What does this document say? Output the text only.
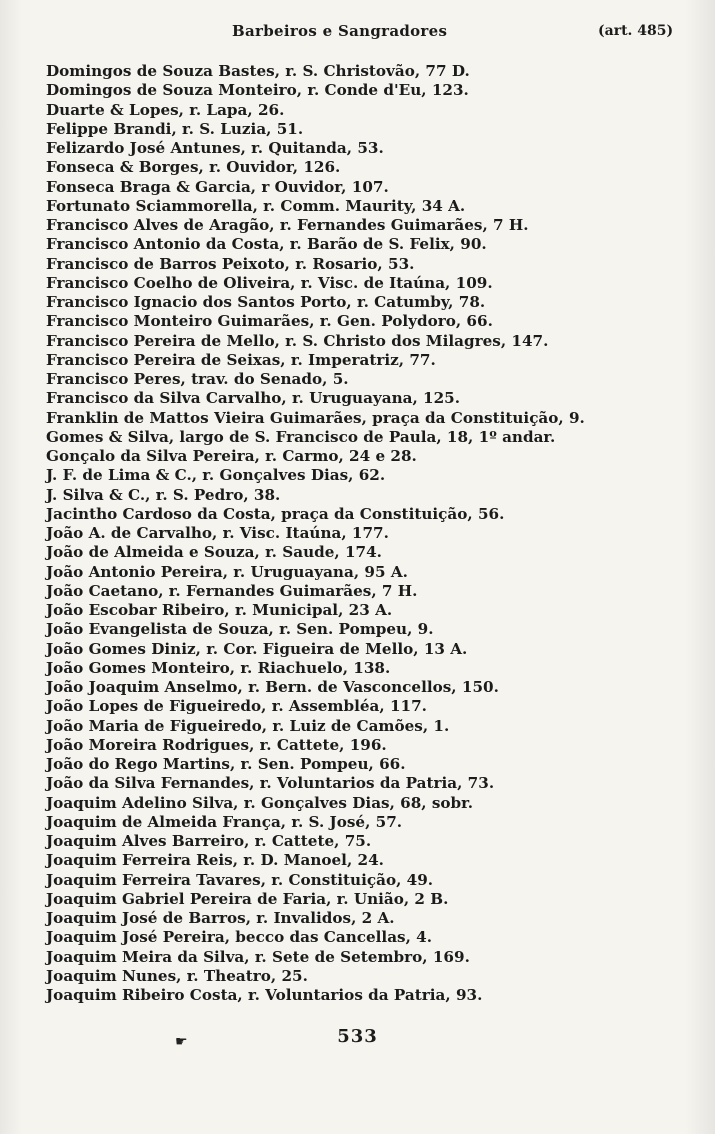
Barbeiros e Sangradores	(art. 485)
Domingos de Souza Bastes, r. S. Christovão, 77 D.
Domingos de Souza Monteiro, r. Conde d'Eu, 123.
Duarte & Lopes, r. Lapa, 26.
Felippe Brandi, r. S. Luzia, 51.
Felizardo José Antunes, r. Quitanda, 53.
Fonseca & Borges, r. Ouvidor, 126.
Fonseca Braga & Garcia, r Ouvidor, 107.
Fortunato Sciammorella, r. Comm. Maurity, 34 A.
Francisco Alves de Aragão, r. Fernandes Guimarães, 7 H.
Francisco Antonio da Costa, r. Barão de S. Felix, 90.
Francisco de Barros Peixoto, r. Rosario, 53.
Francisco Coelho de Oliveira, r. Visc. de Itaúna, 109.
Francisco Ignacio dos Santos Porto, r. Catumby, 78.
Francisco Monteiro Guimarães, r. Gen. Polydoro, 66.
Francisco Pereira de Mello, r. S. Christo dos Milagres, 147.
Francisco Pereira de Seixas, r. Imperatriz, 77.
Francisco Peres, trav. do Senado, 5.
Francisco da Silva Carvalho, r. Uruguayana, 125.
Franklin de Mattos Vieira Guimarães, praça da Constituição, 9.
Gomes & Silva, largo de S. Francisco de Paula, 18, 1º andar.
Gonçalo da Silva Pereira, r. Carmo, 24 e 28.
J. F. de Lima & C., r. Gonçalves Dias, 62.
J. Silva & C., r. S. Pedro, 38.
Jacintho Cardoso da Costa, praça da Constituição, 56.
João A. de Carvalho, r. Visc. Itaúna, 177.
João de Almeida e Souza, r. Saude, 174.
João Antonio Pereira, r. Uruguayana, 95 A.
João Caetano, r. Fernandes Guimarães, 7 H.
João Escobar Ribeiro, r. Municipal, 23 A.
João Evangelista de Souza, r. Sen. Pompeu, 9.
João Gomes Diniz, r. Cor. Figueira de Mello, 13 A.
João Gomes Monteiro, r. Riachuelo, 138.
João Joaquim Anselmo, r. Bern. de Vasconcellos, 150.
João Lopes de Figueiredo, r. Assembléa, 117.
João Maria de Figueiredo, r. Luiz de Camões, 1.
João Moreira Rodrigues, r. Cattete, 196.
João do Rego Martins, r. Sen. Pompeu, 66.
João da Silva Fernandes, r. Voluntarios da Patria, 73.
Joaquim Adelino Silva, r. Gonçalves Dias, 68, sobr.
Joaquim de Almeida França, r. S. José, 57.
Joaquim Alves Barreiro, r. Cattete, 75.
Joaquim Ferreira Reis, r. D. Manoel, 24.
Joaquim Ferreira Tavares, r. Constituição, 49.
Joaquim Gabriel Pereira de Faria, r. União, 2 B.
Joaquim José de Barros, r. Invalidos, 2 A.
Joaquim José Pereira, becco das Cancellas, 4.
Joaquim Meira da Silva, r. Sete de Setembro, 169.
Joaquim Nunes, r. Theatro, 25.
Joaquim Ribeiro Costa, r. Voluntarios da Patria, 93.
533
☛
